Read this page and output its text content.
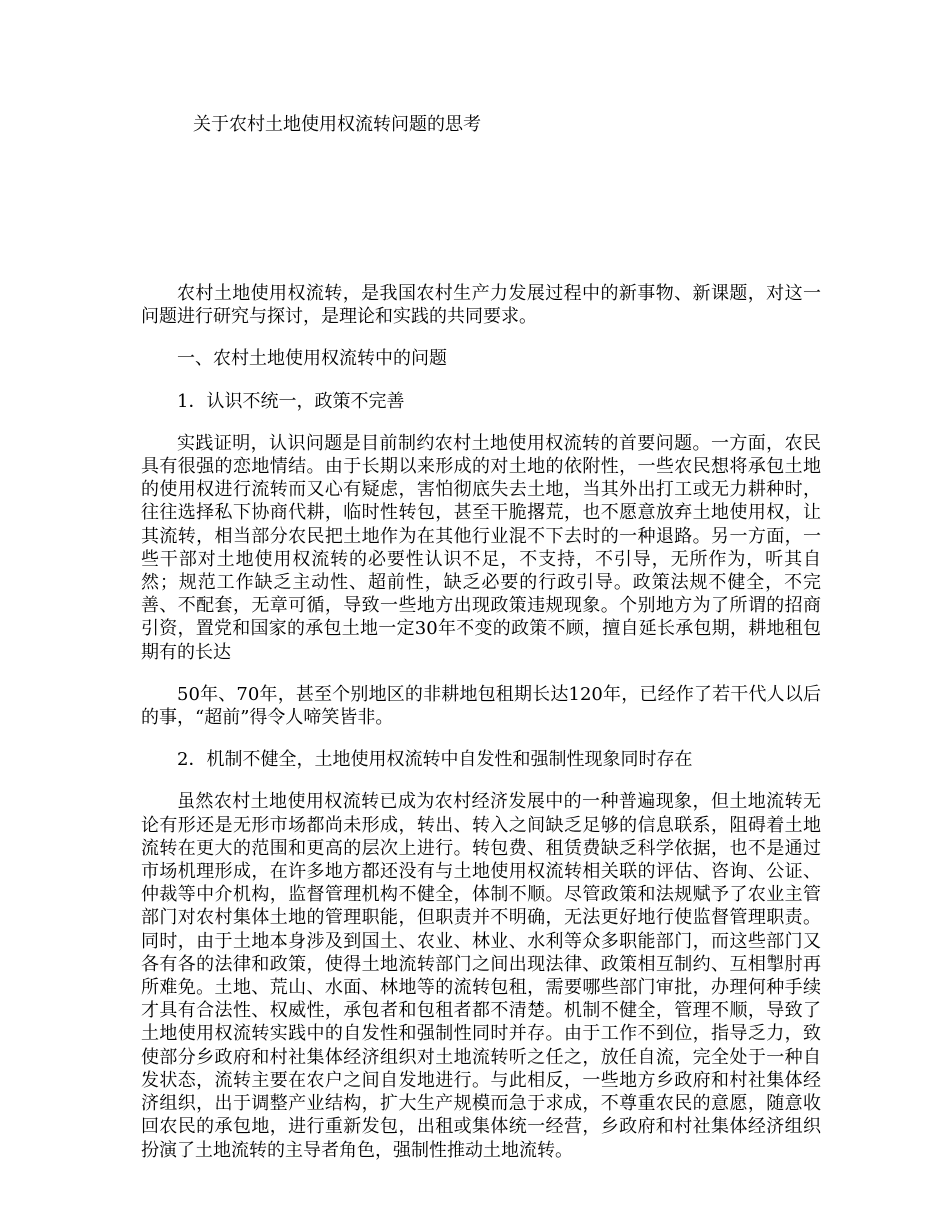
关于农村土地使用权流转问题的思考

农村土地使用权流转，是我国农村生产力发展过程中的新事物、新课题，对这一问题进行研究与探讨，是理论和实践的共同要求。

一、农村土地使用权流转中的问题

1．认识不统一，政策不完善

实践证明，认识问题是目前制约农村土地使用权流转的首要问题。一方面，农民具有很强的恋地情结。由于长期以来形成的对土地的依附性，一些农民想将承包土地的使用权进行流转而又心有疑虑，害怕彻底失去土地，当其外出打工或无力耕种时，往往选择私下协商代耕，临时性转包，甚至干脆撂荒，也不愿意放弃土地使用权，让其流转，相当部分农民把土地作为在其他行业混不下去时的一种退路。另一方面，一些干部对土地使用权流转的必要性认识不足，不支持，不引导，无所作为，听其自然；规范工作缺乏主动性、超前性，缺乏必要的行政引导。政策法规不健全，不完善、不配套，无章可循，导致一些地方出现政策违规现象。个别地方为了所谓的招商引资，置党和国家的承包土地一定30年不变的政策不顾，擅自延长承包期，耕地租包期有的长达

50年、70年，甚至个别地区的非耕地包租期长达120年，已经作了若干代人以后的事，“超前”得令人啼笑皆非。

2．机制不健全，土地使用权流转中自发性和强制性现象同时存在

虽然农村土地使用权流转已成为农村经济发展中的一种普遍现象，但土地流转无论有形还是无形市场都尚未形成，转出、转入之间缺乏足够的信息联系，阻碍着土地流转在更大的范围和更高的层次上进行。转包费、租赁费缺乏科学依据，也不是通过市场机理形成，在许多地方都还没有与土地使用权流转相关联的评估、咨询、公证、仲裁等中介机构，监督管理机构不健全，体制不顺。尽管政策和法规赋予了农业主管部门对农村集体土地的管理职能，但职责并不明确，无法更好地行使监督管理职责。同时，由于土地本身涉及到国土、农业、林业、水利等众多职能部门，而这些部门又各有各的法律和政策，使得土地流转部门之间出现法律、政策相互制约、互相掣肘再所难免。土地、荒山、水面、林地等的流转包租，需要哪些部门审批，办理何种手续才具有合法性、权威性，承包者和包租者都不清楚。机制不健全，管理不顺，导致了土地使用权流转实践中的自发性和强制性同时并存。由于工作不到位，指导乏力，致使部分乡政府和村社集体经济组织对土地流转听之任之，放任自流，完全处于一种自发状态，流转主要在农户之间自发地进行。与此相反，一些地方乡政府和村社集体经济组织，出于调整产业结构，扩大生产规模而急于求成，不尊重农民的意愿，随意收回农民的承包地，进行重新发包，出租或集体统一经营，乡政府和村社集体经济组织扮演了土地流转的主导者角色，强制性推动土地流转。
